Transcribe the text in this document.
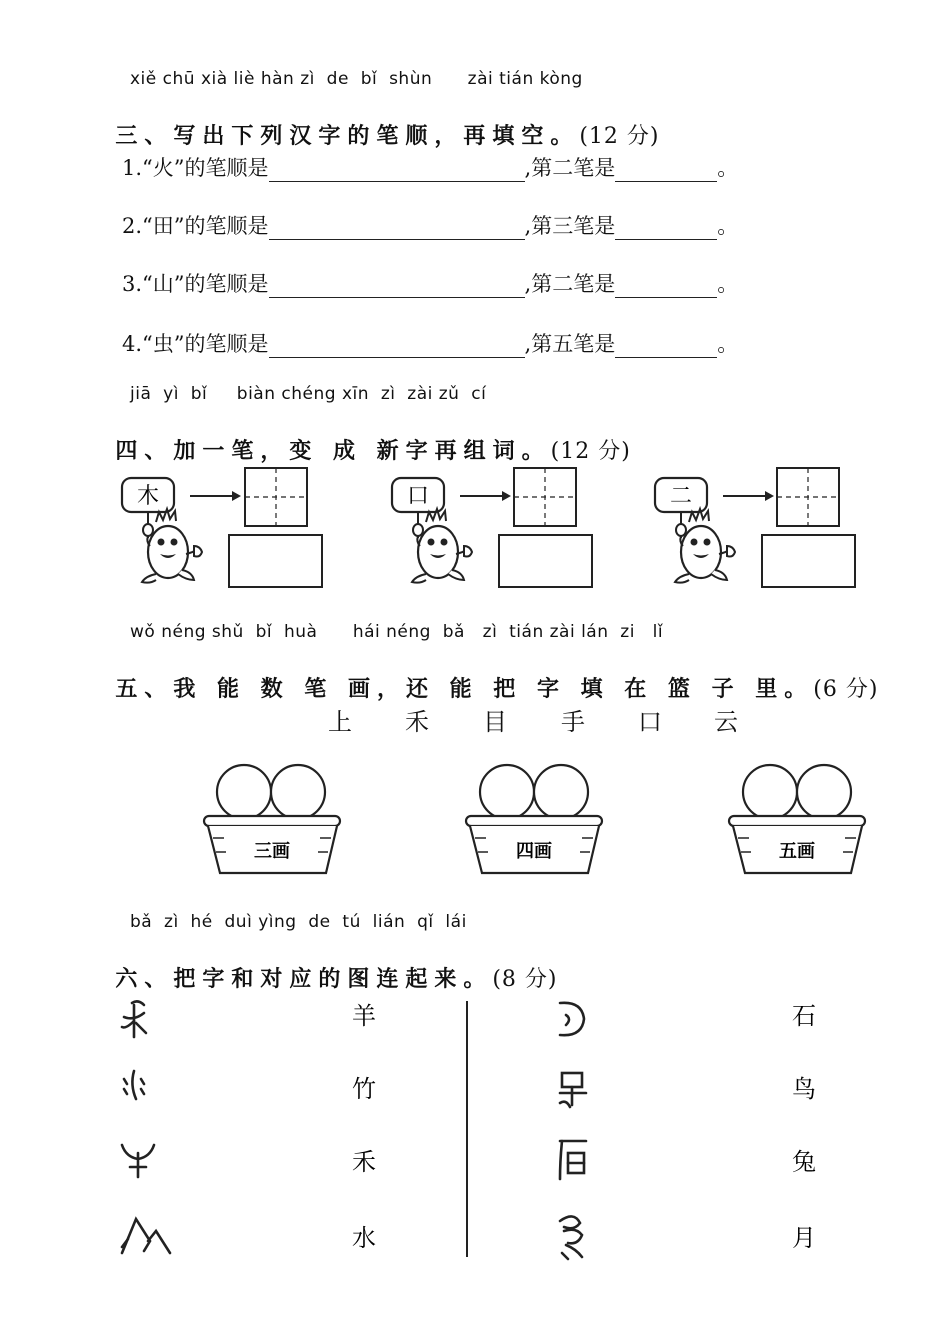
xiě chū xià liè hàn zì  de  bǐ  shùn      zài tián kòng

三、写出下列汉字的笔顺，再填空。(12 分)

1.“火”的笔顺是	,第二笔是	。
2.“田”的笔顺是	,第三笔是	。
3.“山”的笔顺是	,第二笔是	。
4.“虫”的笔顺是	,第五笔是	。
jiā  yì  bǐ     biàn chéng xīn  zì  zài zǔ  cí

四、加一笔，变 成 新字再组词。(12 分)

木	口	二
wǒ néng shǔ  bǐ  huà      hái néng  bǎ   zì  tián zài lán  zi   lǐ

五、我 能 数 笔 画，还 能 把 字 填 在 篮 子 里。(6 分)

上 禾 目 手 口 云
三画	四画	五画
bǎ  zì  hé  duì yìng  de  tú  lián  qǐ  lái

六、把字和对应的图连起来。(8 分)

羊
竹
禾
水
石
鸟
兔
月
